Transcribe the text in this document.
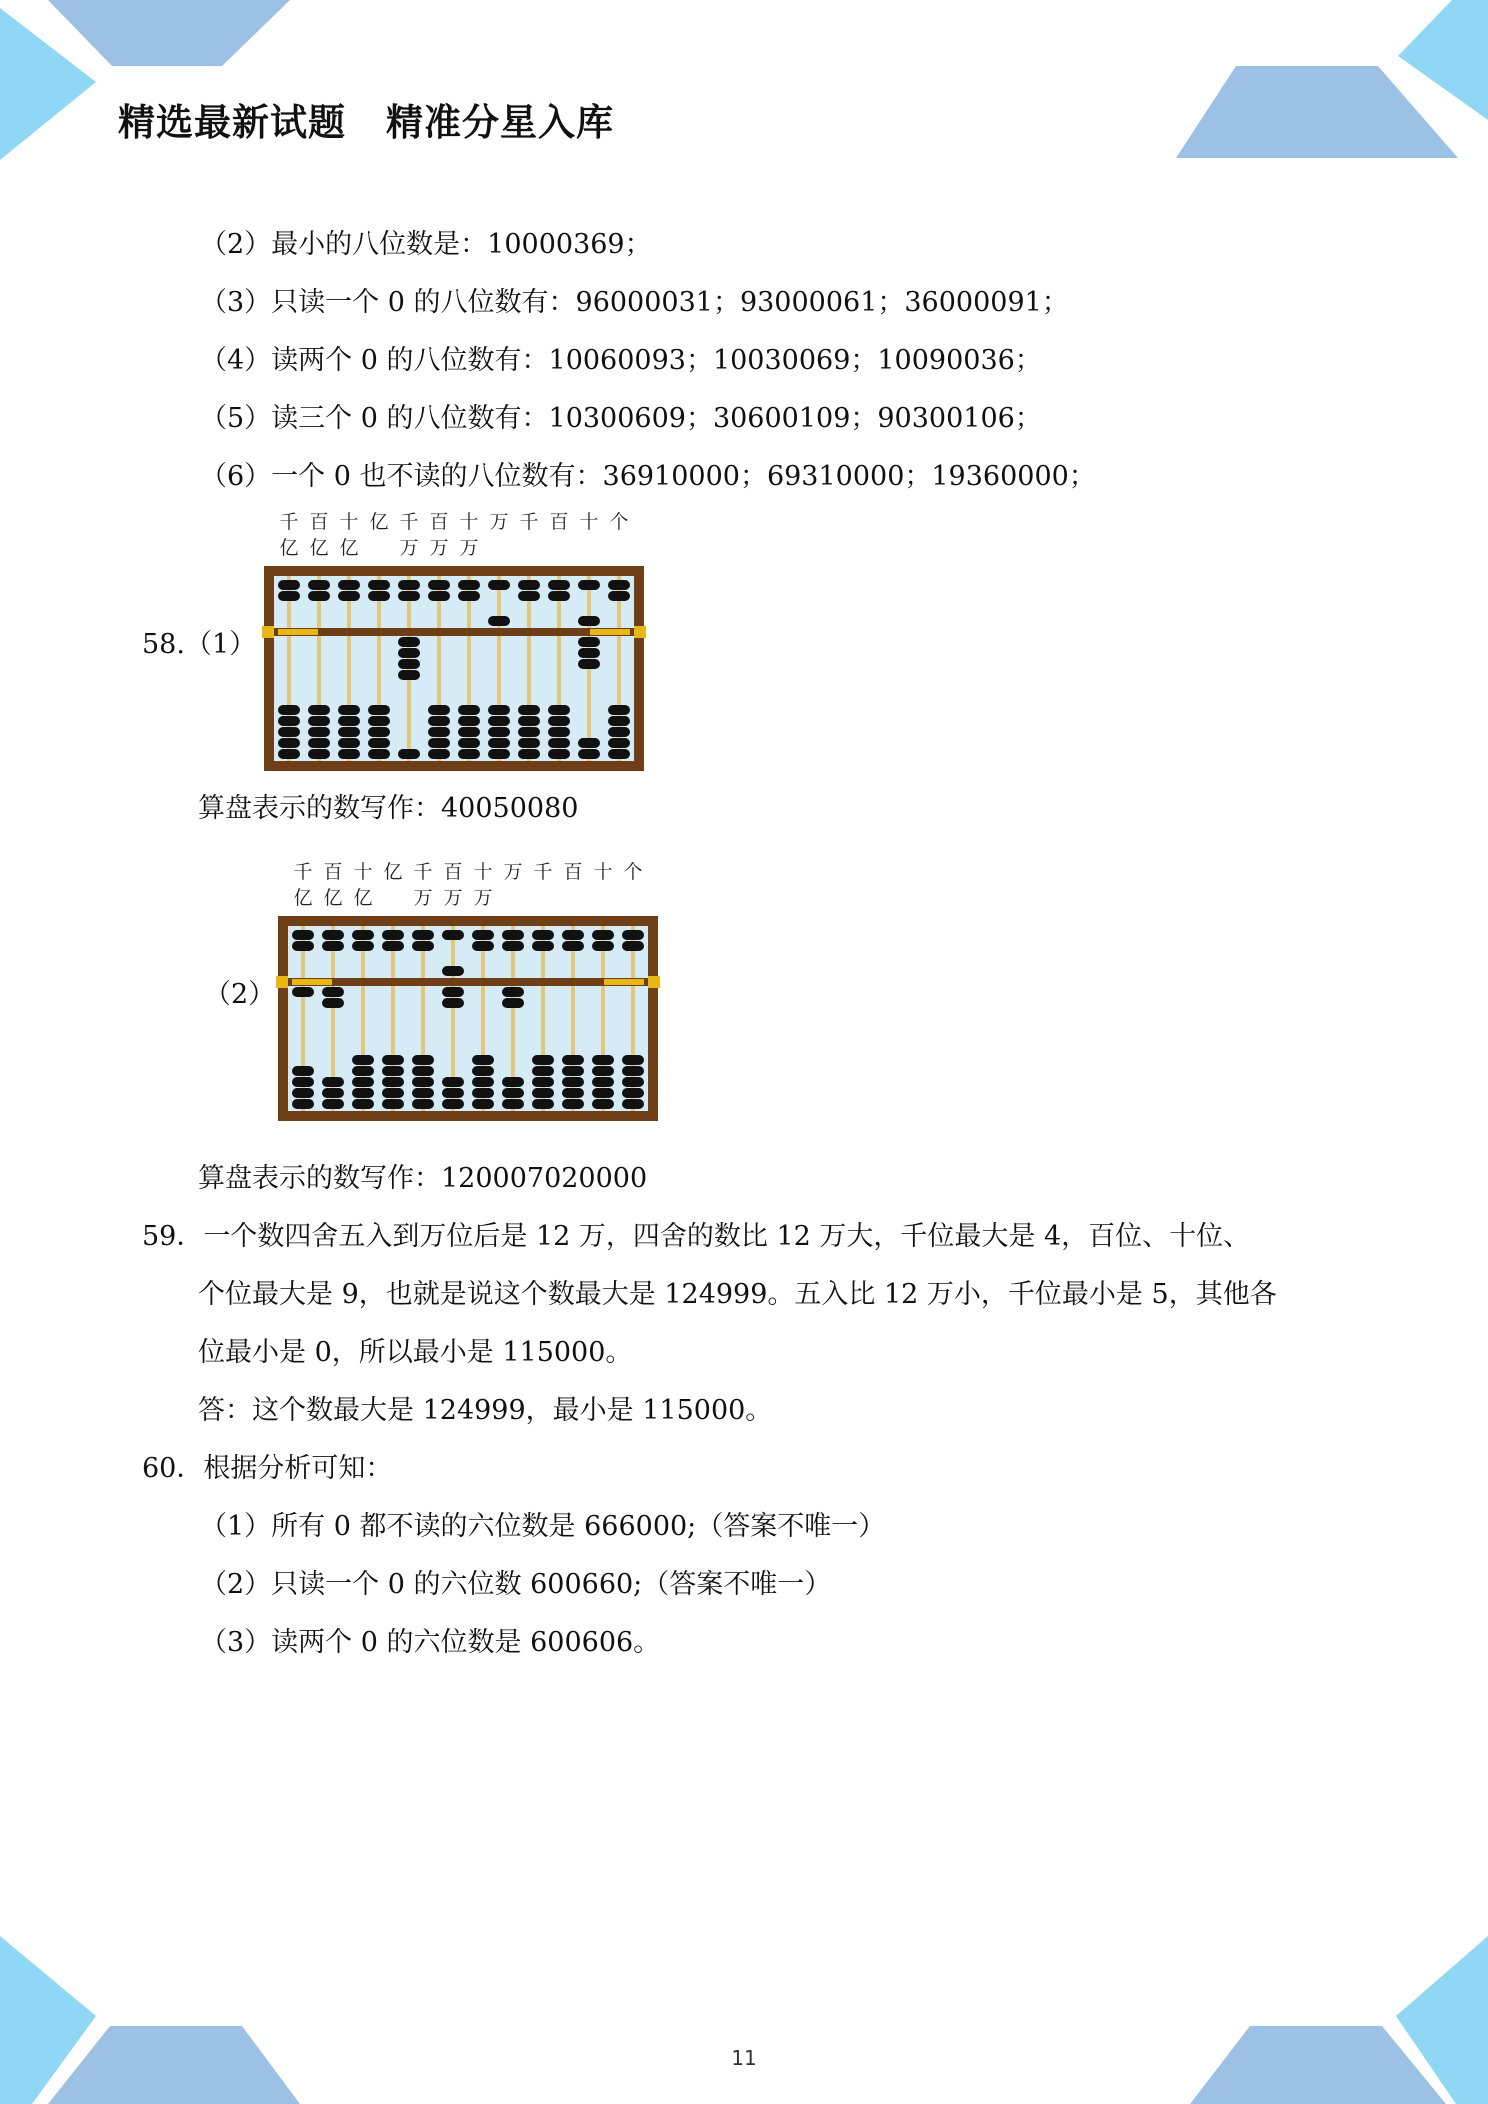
精选最新试题 精准分星入库
（2）最小的八位数是：10000369；
（3）只读一个 0 的八位数有：96000031；93000061；36000091；
（4）读两个 0 的八位数有：10060093；10030069；10090036；
（5）读三个 0 的八位数有：10300609；30600109；90300106；
（6）一个 0 也不读的八位数有：36910000；69310000；19360000；
58.（1）
千
亿
百
亿
十
亿
亿 千
万
百
万
十
万
万 千 百 十 个
算盘表示的数写作：40050080
（2）
千
亿
百
亿
十
亿
亿 千
万
百
万
十
万
万 千 百 十 个
算盘表示的数写作：120007020000
59．一个数四舍五入到万位后是 12 万，四舍的数比 12 万大，千位最大是 4，百位、十位、
个位最大是 9，也就是说这个数最大是 124999。五入比 12 万小，千位最小是 5，其他各
位最小是 0，所以最小是 115000。
答：这个数最大是 124999，最小是 115000。
60．根据分析可知：
（1）所有 0 都不读的六位数是 666000;（答案不唯一）
（2）只读一个 0 的六位数 600660;（答案不唯一）
（3）读两个 0 的六位数是 600606。
11
